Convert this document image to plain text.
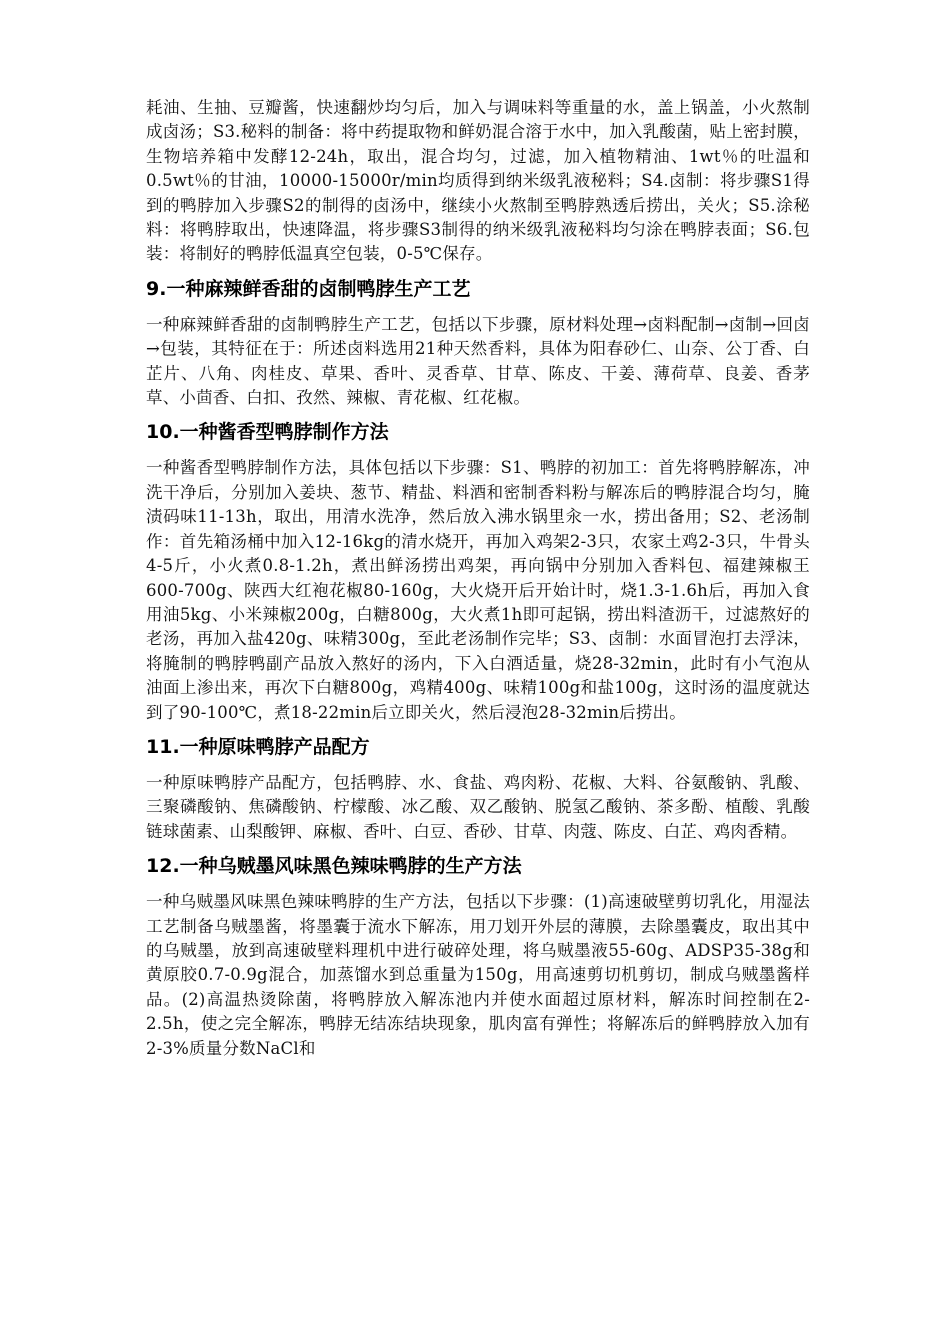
耗油、生抽、豆瓣酱，快速翻炒均匀后，加入与调味料等重量的水，盖上锅盖，小火熬制成卤汤；S3.秘料的制备：将中药提取物和鲜奶混合溶于水中，加入乳酸菌，贴上密封膜，生物培养箱中发酵12-24h，取出，混合均匀，过滤，加入植物精油、1wt％的吐温和0.5wt％的甘油，10000-15000r/min均质得到纳米级乳液秘料；S4.卤制：将步骤S1得到的鸭脖加入步骤S2的制得的卤汤中，继续小火熬制至鸭脖熟透后捞出，关火；S5.涂秘料：将鸭脖取出，快速降温，将步骤S3制得的纳米级乳液秘料均匀涂在鸭脖表面；S6.包装：将制好的鸭脖低温真空包装，0-5℃保存。

9.一种麻辣鲜香甜的卤制鸭脖生产工艺

一种麻辣鲜香甜的卤制鸭脖生产工艺，包括以下步骤，原材料处理→卤料配制→卤制→回卤→包装，其特征在于：所述卤料选用21种天然香料，具体为阳春砂仁、山奈、公丁香、白芷片、八角、肉桂皮、草果、香叶、灵香草、甘草、陈皮、干姜、薄荷草、良姜、香茅草、小茴香、白扣、孜然、辣椒、青花椒、红花椒。

10.一种酱香型鸭脖制作方法

一种酱香型鸭脖制作方法，具体包括以下步骤：S1、鸭脖的初加工：首先将鸭脖解冻，冲洗干净后，分别加入姜块、葱节、精盐、料酒和密制香料粉与解冻后的鸭脖混合均匀，腌渍码味11-13h，取出，用清水洗净，然后放入沸水锅里汆一水，捞出备用；S2、老汤制作：首先箱汤桶中加入12-16kg的清水烧开，再加入鸡架2-3只，农家土鸡2-3只，牛骨头4-5斤，小火煮0.8-1.2h，煮出鲜汤捞出鸡架，再向锅中分别加入香料包、福建辣椒王600-700g、陕西大红袍花椒80-160g，大火烧开后开始计时，烧1.3-1.6h后，再加入食用油5kg、小米辣椒200g，白糖800g，大火煮1h即可起锅，捞出料渣沥干，过滤熬好的老汤，再加入盐420g、味精300g，至此老汤制作完毕；S3、卤制：水面冒泡打去浮沫，将腌制的鸭脖鸭副产品放入熬好的汤内，下入白酒适量，烧28-32min，此时有小气泡从油面上渗出来，再次下白糖800g，鸡精400g、味精100g和盐100g，这时汤的温度就达到了90-100℃，煮18-22min后立即关火，然后浸泡28-32min后捞出。

11.一种原味鸭脖产品配方

一种原味鸭脖产品配方，包括鸭脖、水、食盐、鸡肉粉、花椒、大料、谷氨酸钠、乳酸、三聚磷酸钠、焦磷酸钠、柠檬酸、冰乙酸、双乙酸钠、脱氢乙酸钠、茶多酚、植酸、乳酸链球菌素、山梨酸钾、麻椒、香叶、白豆、香砂、甘草、肉蔻、陈皮、白芷、鸡肉香精。

12.一种乌贼墨风味黑色辣味鸭脖的生产方法

一种乌贼墨风味黑色辣味鸭脖的生产方法，包括以下步骤：(1)高速破壁剪切乳化，用湿法工艺制备乌贼墨酱，将墨囊于流水下解冻，用刀划开外层的薄膜，去除墨囊皮，取出其中的乌贼墨，放到高速破壁料理机中进行破碎处理，将乌贼墨液55-60g、ADSP35-38g和黄原胶0.7-0.9g混合，加蒸馏水到总重量为150g，用高速剪切机剪切，制成乌贼墨酱样品。(2)高温热烫除菌，将鸭脖放入解冻池内并使水面超过原材料，解冻时间控制在2-2.5h，使之完全解冻，鸭脖无结冻结块现象，肌肉富有弹性；将解冻后的鲜鸭脖放入加有2-3%质量分数NaCl和
